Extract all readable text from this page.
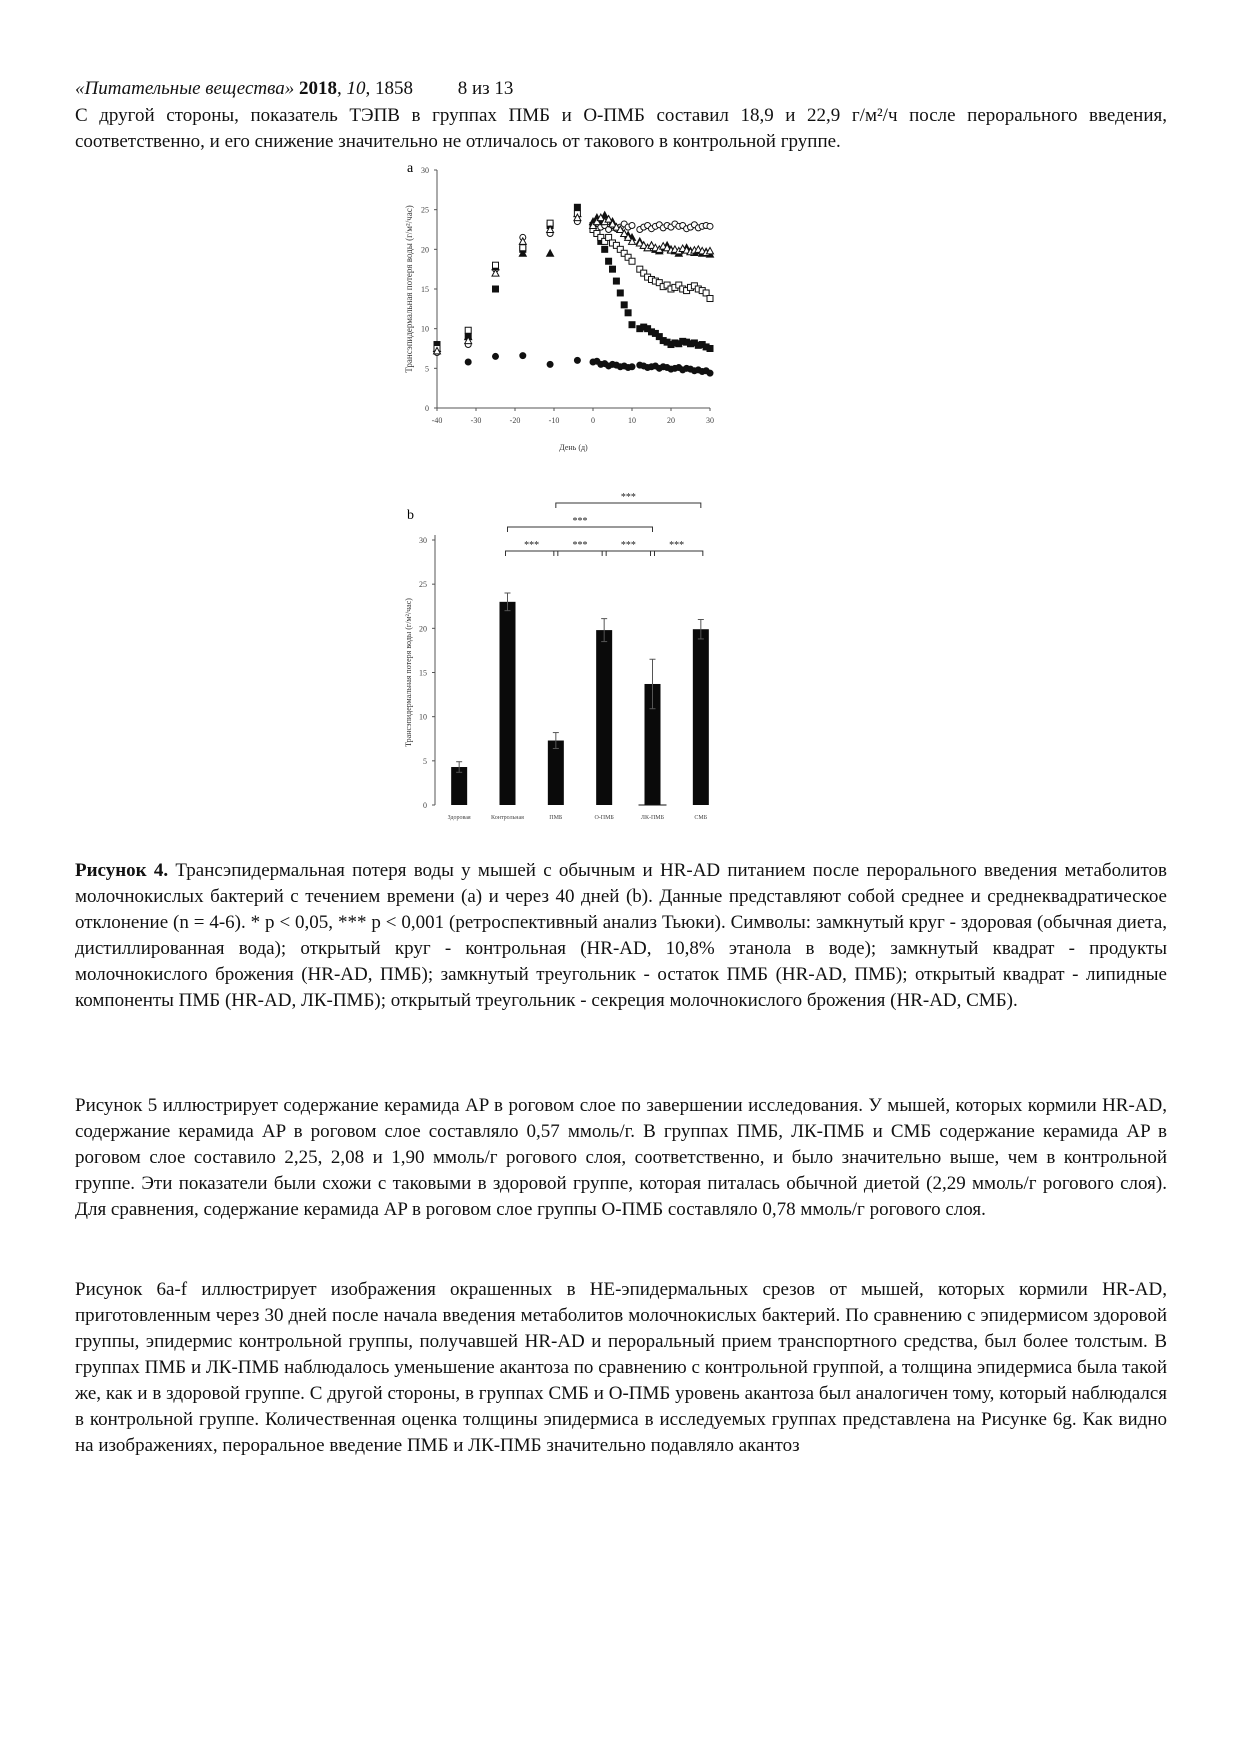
«Питательные вещества» 2018, 10, 1858 8 из 13

С другой стороны, показатель ТЭПВ в группах ПМБ и О-ПМБ составил 18,9 и 22,9 г/м²/ч после перорального введения, соответственно, и его снижение значительно не отличалось от такового в контрольной группе.

a
0
5
10
15
20
25
30
-40	-30	-20	-10	0	10	20	30
День (д)
Трансэпидермальная потеря воды (г/м²/час)
b
0
5
10
15
20
25
30
Трансэпидермальная потеря воды (г/м²/час)
Здоровая	Контрольная	ПМБ	О-ПМБ	ЛК-ПМБ	СМБ
***
***
***	***	***	***

Рисунок 4. Трансэпидермальная потеря воды у мышей с обычным и HR-AD питанием после перорального введения метаболитов молочнокислых бактерий с течением времени (a) и через 40 дней (b). Данные представляют собой среднее и среднеквадратическое отклонение (n = 4-6). * p < 0,05, *** p < 0,001 (ретроспективный анализ Тьюки). Символы: замкнутый круг - здоровая (обычная диета, дистиллированная вода); открытый круг - контрольная (HR-AD, 10,8% этанола в воде); замкнутый квадрат - продукты молочнокислого брожения (HR-AD, ПМБ); замкнутый треугольник - остаток ПМБ (HR-AD, ПМБ); открытый квадрат - липидные компоненты ПМБ (HR-AD, ЛК-ПМБ); открытый треугольник - секреция молочнокислого брожения (HR-AD, СМБ).

Рисунок 5 иллюстрирует содержание керамида AP в роговом слое по завершении исследования. У мышей, которых кормили HR-AD, содержание керамида AP в роговом слое составляло 0,57 ммоль/г. В группах ПМБ, ЛК-ПМБ и СМБ содержание керамида AP в роговом слое составило 2,25, 2,08 и 1,90 ммоль/г рогового слоя, соответственно, и было значительно выше, чем в контрольной группе. Эти показатели были схожи с таковыми в здоровой группе, которая питалась обычной диетой (2,29 ммоль/г рогового слоя). Для сравнения, содержание керамида AP в роговом слое группы О-ПМБ составляло 0,78 ммоль/г рогового слоя.

Рисунок 6a-f иллюстрирует изображения окрашенных в HE-эпидермальных срезов от мышей, которых кормили HR-AD, приготовленным через 30 дней после начала введения метаболитов молочнокислых бактерий. По сравнению с эпидермисом здоровой группы, эпидермис контрольной группы, получавшей HR-AD и пероральный прием транспортного средства, был более толстым. В группах ПМБ и ЛК-ПМБ наблюдалось уменьшение акантоза по сравнению с контрольной группой, а толщина эпидермиса была такой же, как и в здоровой группе. С другой стороны, в группах СМБ и О-ПМБ уровень акантоза был аналогичен тому, который наблюдался в контрольной группе. Количественная оценка толщины эпидермиса в исследуемых группах представлена на Рисунке 6g. Как видно на изображениях, пероральное введение ПМБ и ЛК-ПМБ значительно подавляло акантоз
